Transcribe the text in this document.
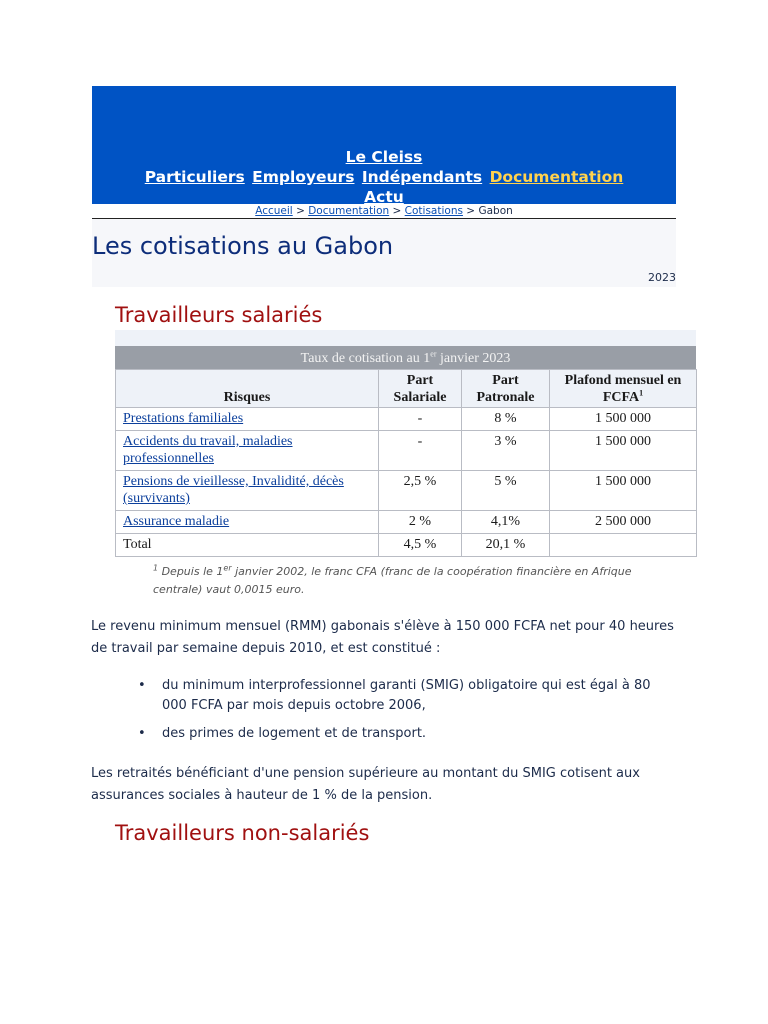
Le Cleiss
Particuliers Employeurs Indépendants Documentation
Actu
Accueil > Documentation > Cotisations > Gabon
Les cotisations au Gabon
2023
Travailleurs salariés
Taux de cotisation au 1er janvier 2023
Risques	Part Salariale	Part Patronale	Plafond mensuel en FCFA$^1$
Prestations familiales	-	8 %	1 500 000
Accidents du travail, maladies professionnelles	-	3 %	1 500 000
Pensions de vieillesse, Invalidité, décès (survivants)	2,5 %	5 %	1 500 000
Assurance maladie	2 %	4,1%	2 500 000
Total	4,5 %	20,1 %	
$^1$ Depuis le 1er janvier 2002, le franc CFA (franc de la coopération financière en Afrique centrale) vaut 0,0015 euro.

Le revenu minimum mensuel (RMM) gabonais s'élève à 150 000 FCFA net pour 40 heures de travail par semaine depuis 2010, et est constitué :

• du minimum interprofessionnel garanti (SMIG) obligatoire qui est égal à 80 000 FCFA par mois depuis octobre 2006,
• des primes de logement et de transport.

Les retraités bénéficiant d'une pension supérieure au montant du SMIG cotisent aux assurances sociales à hauteur de 1 % de la pension.

Travailleurs non-salariés
